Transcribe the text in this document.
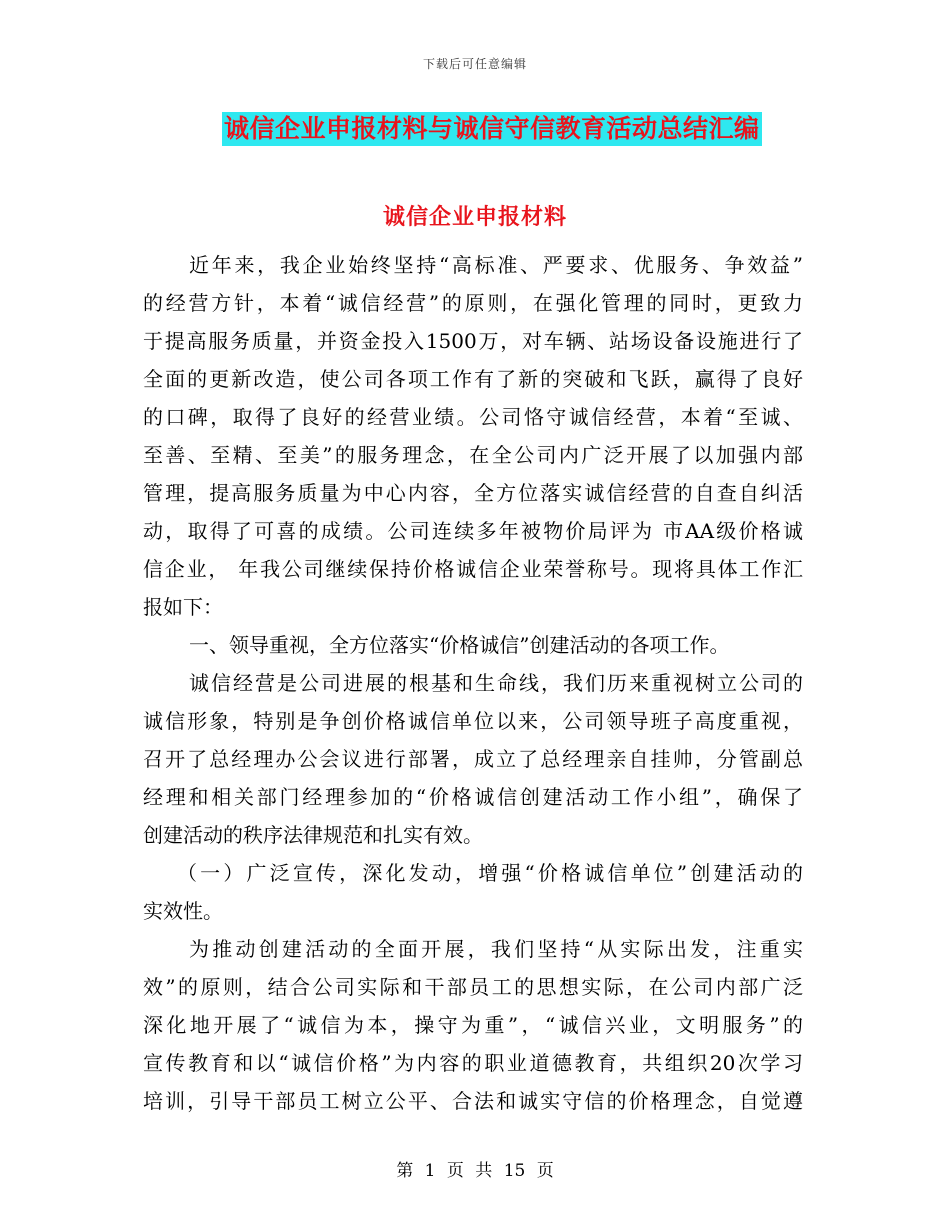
下载后可任意编辑
诚信企业申报材料与诚信守信教育活动总结汇编
诚信企业申报材料
近年来，我企业始终坚持“高标准、严要求、优服务、争效益”
的经营方针，本着“诚信经营”的原则，在强化管理的同时，更致力
于提高服务质量，并资金投入1500万，对车辆、站场设备设施进行了
全面的更新改造，使公司各项工作有了新的突破和飞跃，赢得了良好
的口碑，取得了良好的经营业绩。公司恪守诚信经营，本着“至诚、
至善、至精、至美”的服务理念，在全公司内广泛开展了以加强内部
管理，提高服务质量为中心内容，全方位落实诚信经营的自查自纠活
动，取得了可喜的成绩。公司连续多年被物价局评为 市AA级价格诚
信企业， 年我公司继续保持价格诚信企业荣誉称号。现将具体工作汇
报如下：
一、领导重视，全方位落实“价格诚信”创建活动的各项工作。
诚信经营是公司进展的根基和生命线，我们历来重视树立公司的
诚信形象，特别是争创价格诚信单位以来，公司领导班子高度重视，
召开了总经理办公会议进行部署，成立了总经理亲自挂帅，分管副总
经理和相关部门经理参加的“价格诚信创建活动工作小组”，确保了
创建活动的秩序法律规范和扎实有效。
（一）广泛宣传，深化发动，增强“价格诚信单位”创建活动的
实效性。
为推动创建活动的全面开展，我们坚持“从实际出发，注重实
效”的原则，结合公司实际和干部员工的思想实际，在公司内部广泛
深化地开展了“诚信为本，操守为重”，“诚信兴业，文明服务”的
宣传教育和以“诚信价格”为内容的职业道德教育，共组织20次学习
培训，引导干部员工树立公平、合法和诚实守信的价格理念，自觉遵
第 1 页 共 15 页
